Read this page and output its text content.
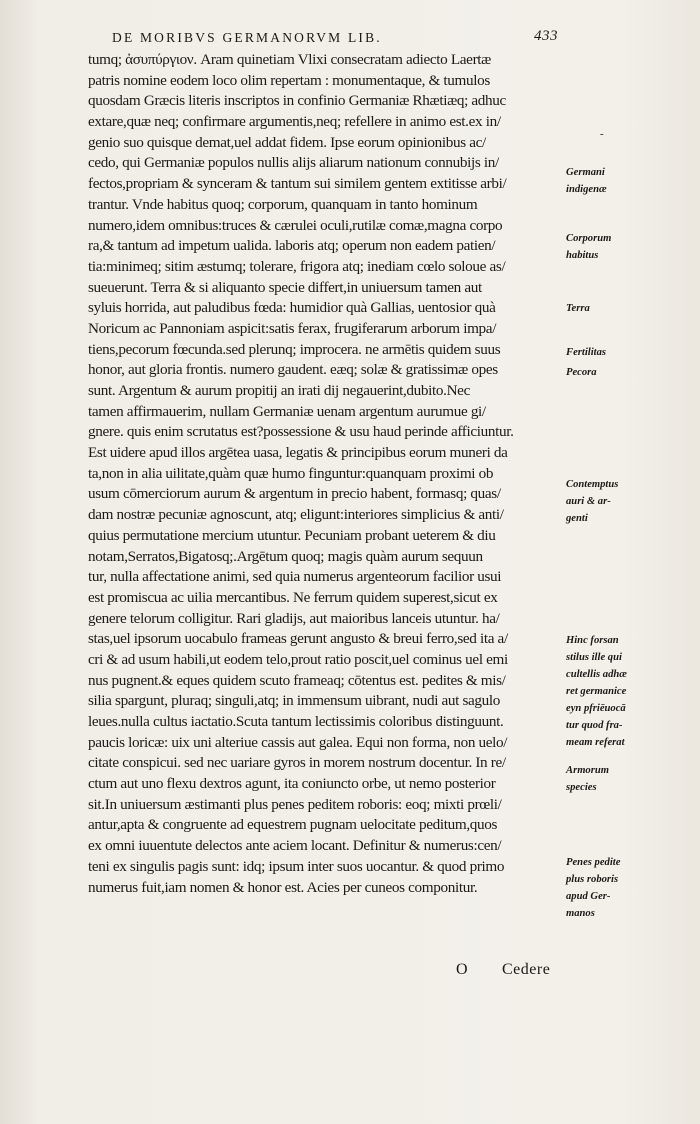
DE MORIBVS GERMANORVM LIB.	433
tumq; ἀσυπύργιον. Aram quinetiam Vlixi consecratam adiecto Laertæ
patris nomine eodem loco olim repertam : monumentaque, & tumulos
quosdam Græcis literis inscriptos in confinio Germaniæ Rhætiæq; adhuc
extare,quæ neq; confirmare argumentis,neq; refellere in animo est.ex in/
genio suo quisque demat,uel addat fidem. Ipse eorum opinionibus ac/
cedo, qui Germaniæ populos nullis alijs aliarum nationum connubijs in/
fectos,propriam & synceram & tantum sui similem gentem extitisse arbi/
trantur. Vnde habitus quoq; corporum, quanquam in tanto hominum
numero,idem omnibus:truces & cærulei oculi,rutilæ comæ,magna corpo
ra,& tantum ad impetum ualida. laboris atq; operum non eadem patien/
tia:minimeq; sitim æstumq; tolerare, frigora atq; inediam cœlo soloue as/
sueuerunt. Terra & si aliquanto specie differt,in uniuersum tamen aut
syluis horrida, aut paludibus fœda: humidior quà Gallias, uentosior quà
Noricum ac Pannoniam aspicit:satis ferax, frugiferarum arborum impa/
tiens,pecorum fœcunda.sed plerunq; improcera. ne armētis quidem suus
honor, aut gloria frontis. numero gaudent. eæq; solæ & gratissimæ opes
sunt. Argentum & aurum propitij an irati dij negauerint,dubito.Nec
tamen affirmauerim, nullam Germaniæ uenam argentum aurumue gi/
gnere. quis enim scrutatus est?possessione & usu haud perinde afficiuntur.
Est uidere apud illos argētea uasa, legatis & principibus eorum muneri da
ta,non in alia uilitate,quàm quæ humo finguntur:quanquam proximi ob
usum cōmerciorum aurum & argentum in precio habent, formasq; quas/
dam nostræ pecuniæ agnoscunt, atq; eligunt:interiores simplicius & anti/
quius permutatione mercium utuntur. Pecuniam probant ueterem & diu
notam,Serratos,Bigatosq;.Argētum quoq; magis quàm aurum sequun
tur, nulla affectatione animi, sed quia numerus argenteorum facilior usui
est promiscua ac uilia mercantibus. Ne ferrum quidem superest,sicut ex
genere telorum colligitur. Rari gladijs, aut maioribus lanceis utuntur. ha/
stas,uel ipsorum uocabulo frameas gerunt angusto & breui ferro,sed ita a/
cri & ad usum habili,ut eodem telo,prout ratio poscit,uel cominus uel emi
nus pugnent.& eques quidem scuto frameaq; cōtentus est. pedites & mis/
silia spargunt, pluraq; singuli,atq; in immensum uibrant, nudi aut sagulo
leues.nulla cultus iactatio.Scuta tantum lectissimis coloribus distinguunt.
paucis loricæ: uix uni alteriue cassis aut galea. Equi non forma, non uelo/
citate conspicui. sed nec uariare gyros in morem nostrum docentur. In re/
ctum aut uno flexu dextros agunt, ita coniuncto orbe, ut nemo posterior
sit.In uniuersum æstimanti plus penes peditem roboris: eoq; mixti prœli/
antur,apta & congruente ad equestrem pugnam uelocitate peditum,quos
ex omni iuuentute delectos ante aciem locant. Definitur & numerus:cen/
teni ex singulis pagis sunt: idq; ipsum inter suos uocantur. & quod primo
numerus fuit,iam nomen & honor est. Acies per cuneos componitur.
-
Germani
indigenæ
Corporum
habitus
Terra
Fertilitas
Pecora
Contemptus
auri & ar-
genti
Hinc forsan
stilus ille qui
cultellis adhæ
ret germanice
eyn pfriēuocā
tur quod fra-
meam referat
Armorum
species
Penes pedite
plus roboris
apud Ger-
manos
O Cedere
